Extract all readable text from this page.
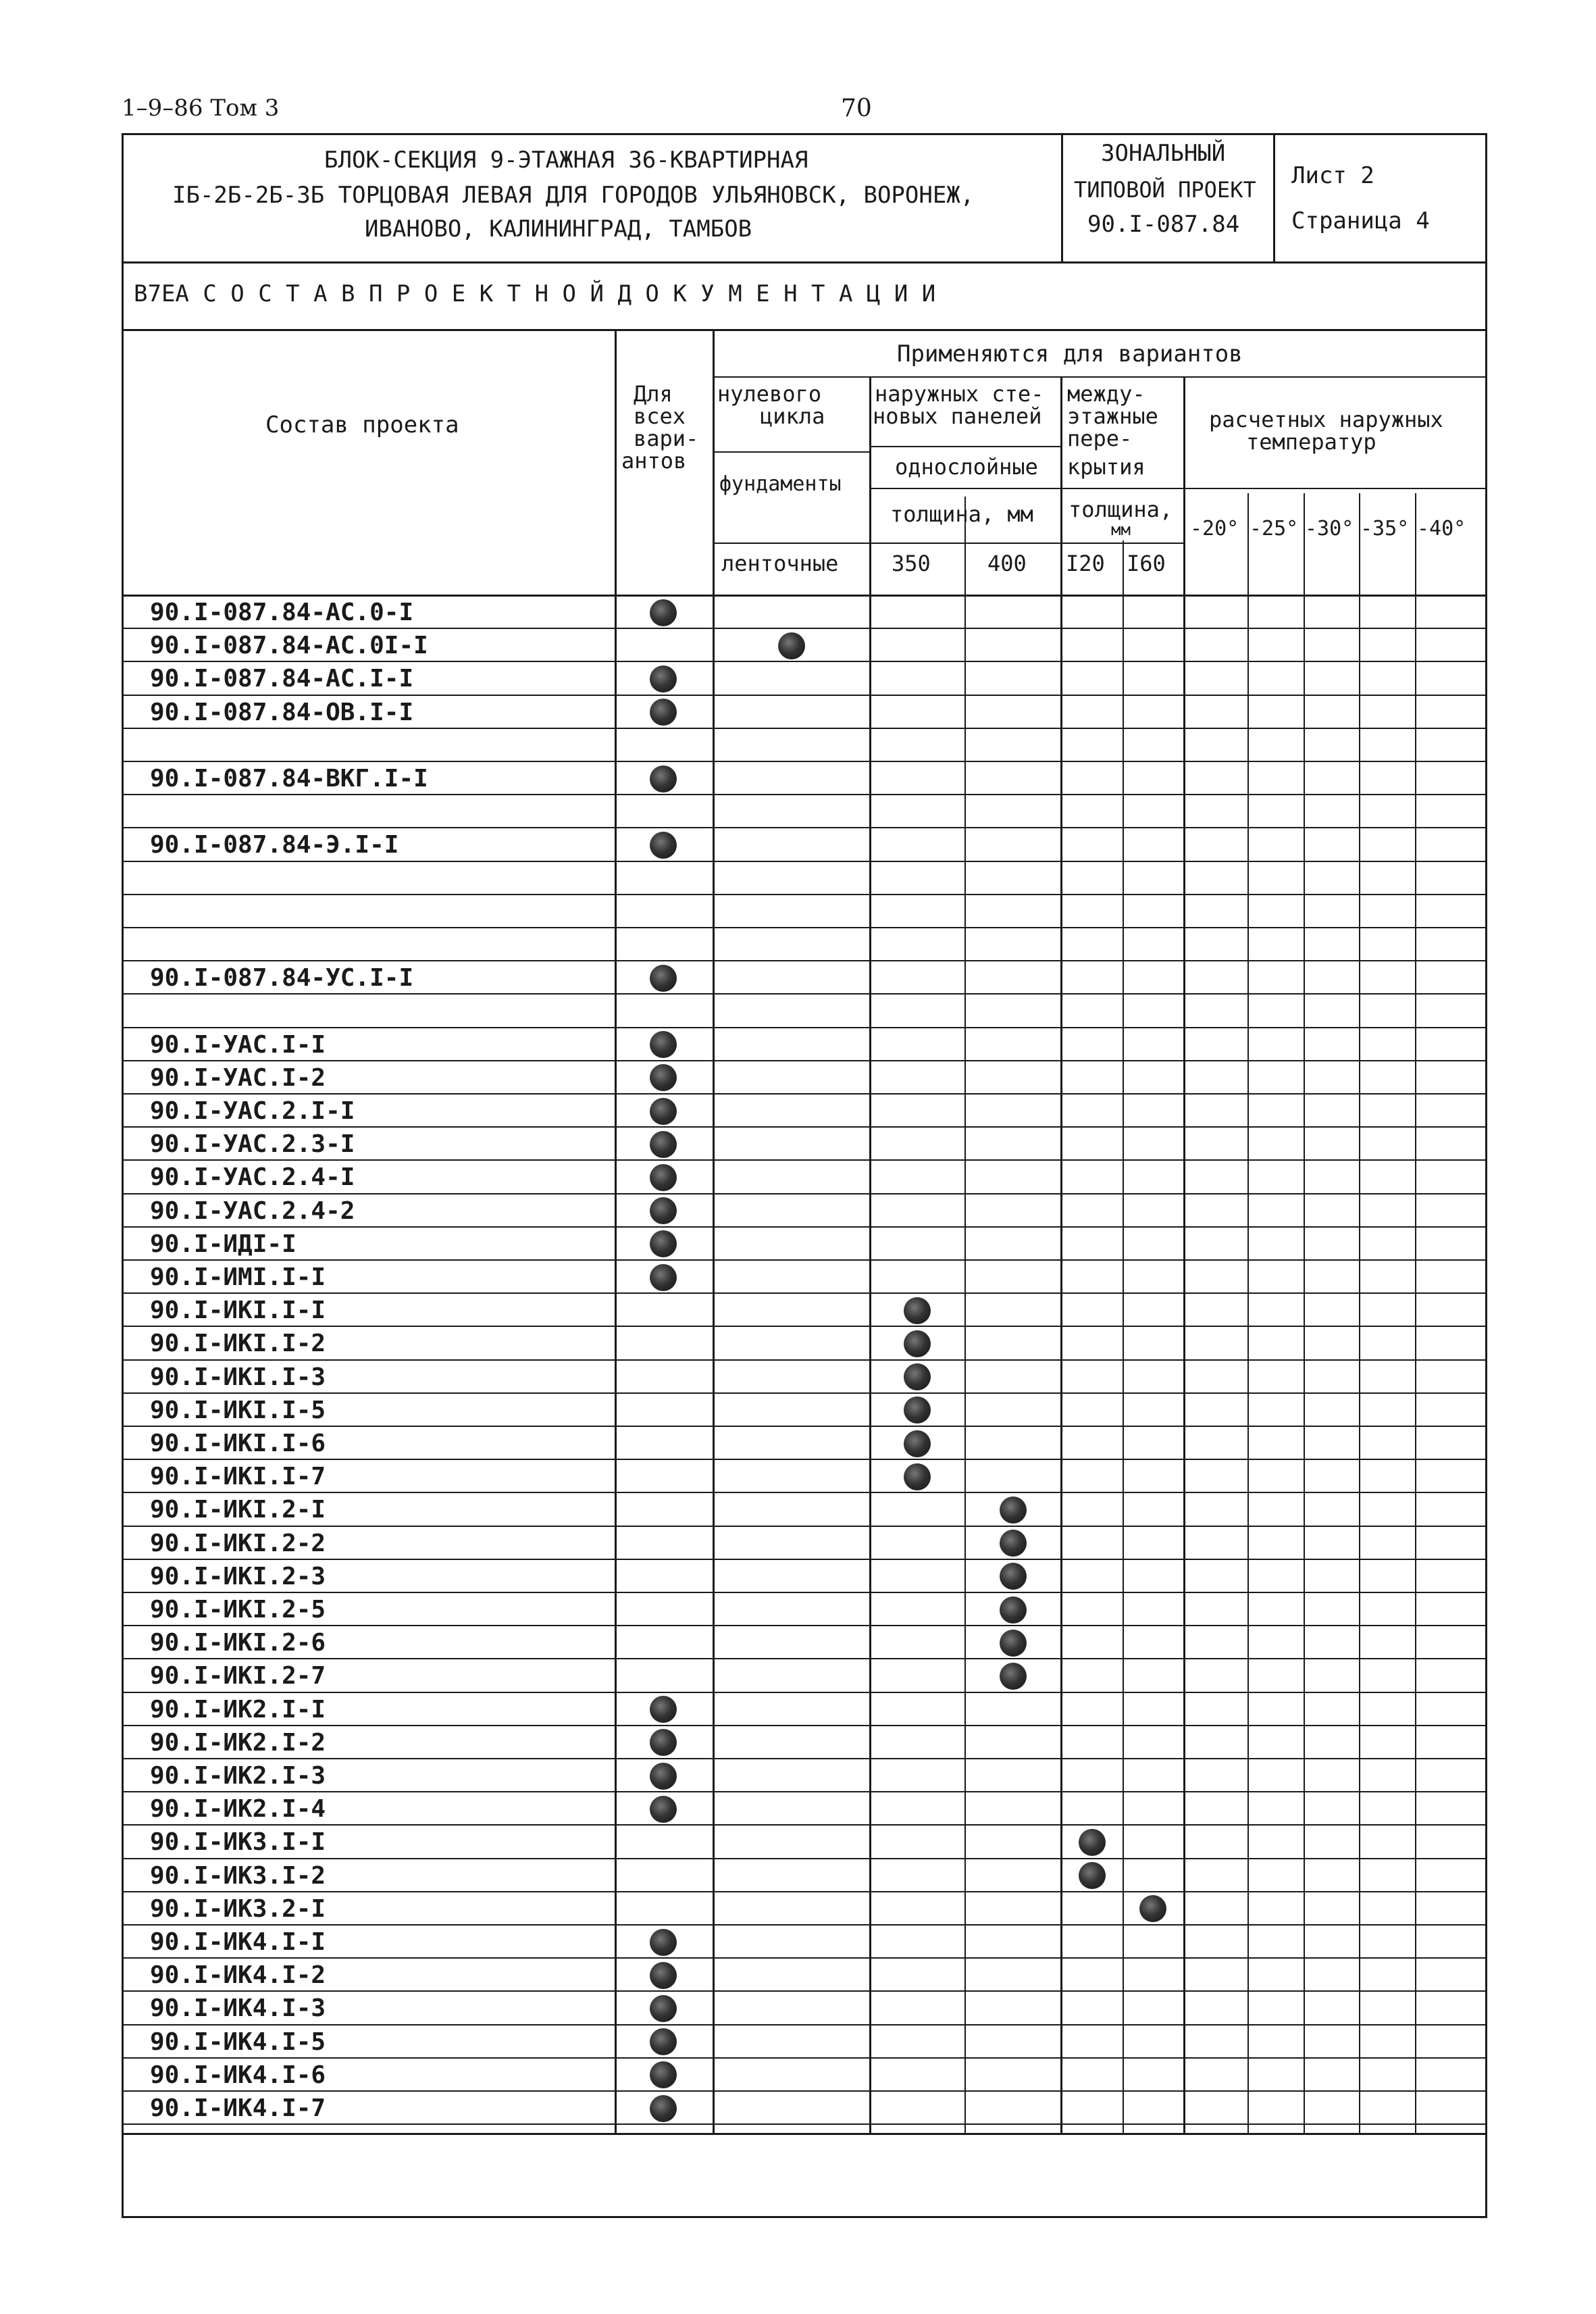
1–9–86 Том 3	70
БЛОК-СЕКЦИЯ 9-ЭТАЖНАЯ 36-КВАРТИРНАЯ
IБ-2Б-2Б-3Б ТОРЦОВАЯ ЛЕВАЯ ДЛЯ ГОРОДОВ УЛЬЯНОВСК, ВОРОНЕЖ,
ИВАНОВО, КАЛИНИНГРАД, ТАМБОВ
ЗОНАЛЬНЫЙ
ТИПОВОЙ ПРОЕКТ
90.I-087.84
Лист 2
Страница 4
В7ЕА С О С Т А В П Р О Е К Т Н О Й Д О К У М Е Н Т А Ц И И
Состав проекта
Для
всех
вари-
антов
Применяются для вариантов
нулевого
цикла
фундаменты
ленточные
наружных сте-
новых панелей
однослойные
толщина, мм
350	400
между-
этажные
пере-
крытия
толщина,
мм
I20 I60
расчетных наружных
температур
-20° -25° -30° -35° -40°
90.I-087.84-АС.0-I
90.I-087.84-АС.0I-I
90.I-087.84-АС.I-I
90.I-087.84-ОВ.I-I
90.I-087.84-ВКГ.I-I
90.I-087.84-Э.I-I
90.I-087.84-УС.I-I
90.I-УАС.I-I
90.I-УАС.I-2
90.I-УАС.2.I-I
90.I-УАС.2.3-I
90.I-УАС.2.4-I
90.I-УАС.2.4-2
90.I-ИДI-I
90.I-ИМI.I-I
90.I-ИКI.I-I
90.I-ИКI.I-2
90.I-ИКI.I-3
90.I-ИКI.I-5
90.I-ИКI.I-6
90.I-ИКI.I-7
90.I-ИКI.2-I
90.I-ИКI.2-2
90.I-ИКI.2-3
90.I-ИКI.2-5
90.I-ИКI.2-6
90.I-ИКI.2-7
90.I-ИК2.I-I
90.I-ИК2.I-2
90.I-ИК2.I-3
90.I-ИК2.I-4
90.I-ИК3.I-I
90.I-ИК3.I-2
90.I-ИК3.2-I
90.I-ИК4.I-I
90.I-ИК4.I-2
90.I-ИК4.I-3
90.I-ИК4.I-5
90.I-ИК4.I-6
90.I-ИК4.I-7
